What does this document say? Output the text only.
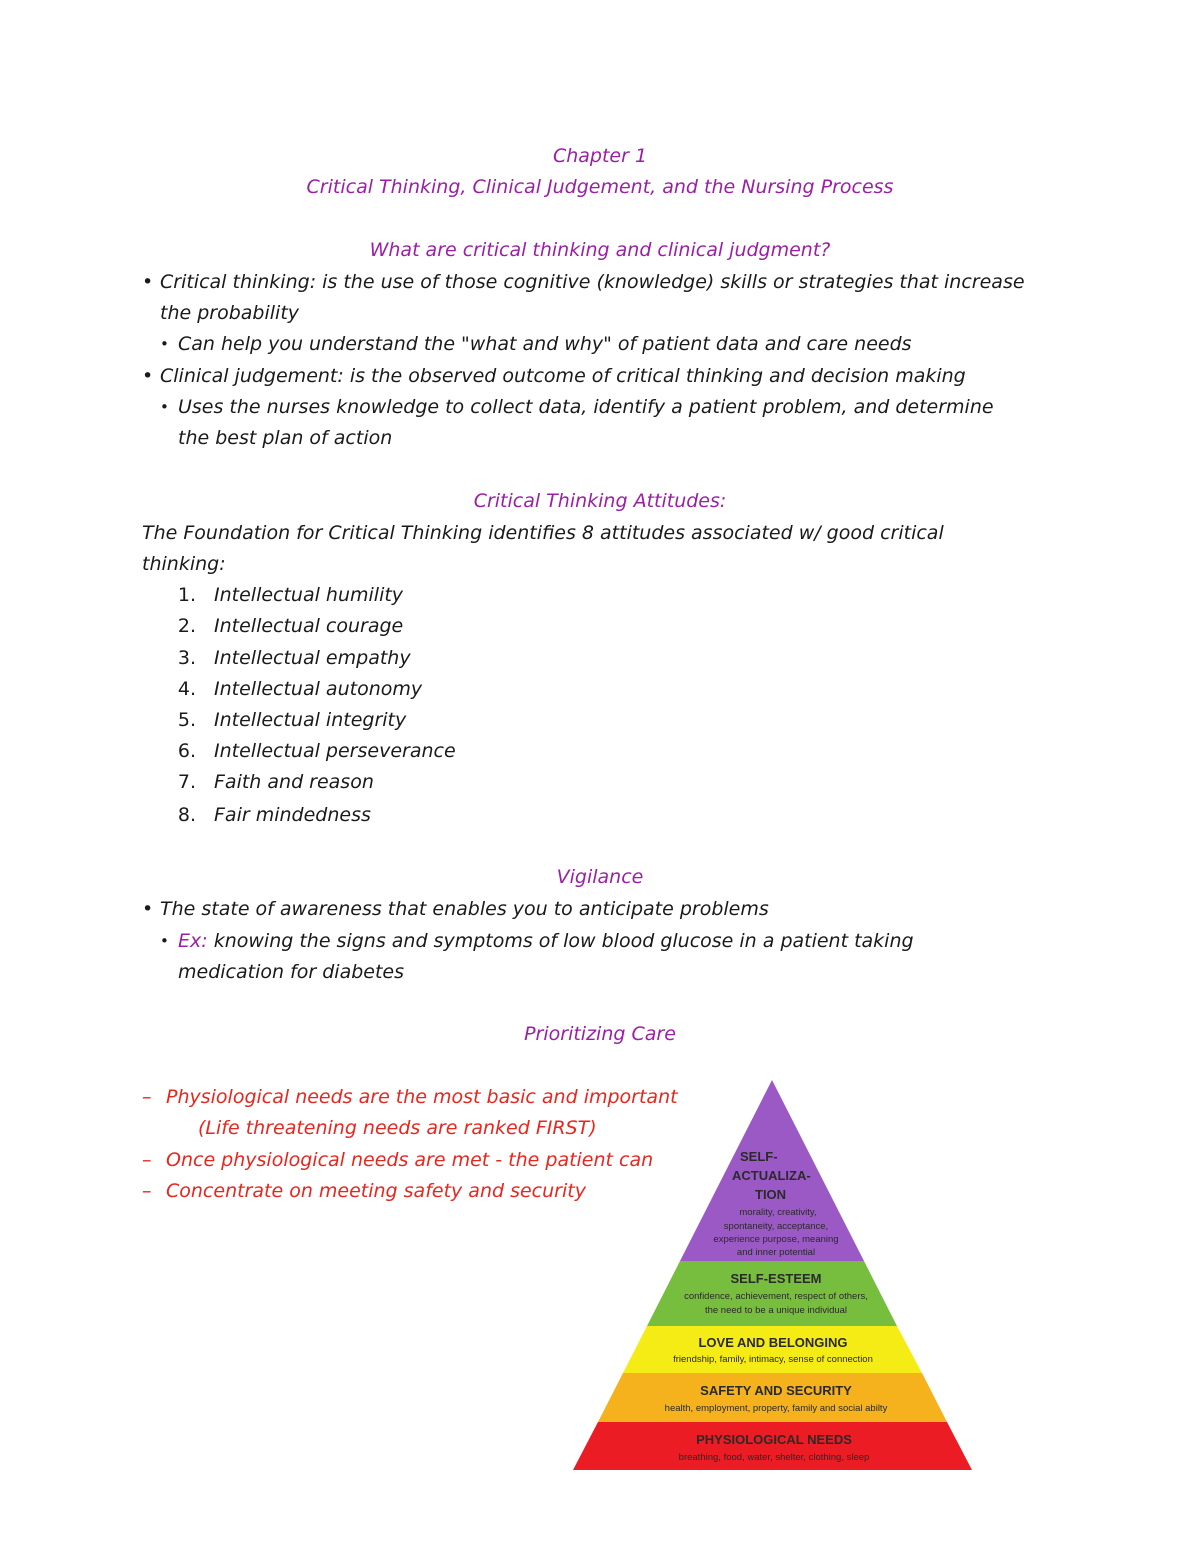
Chapter 1
Critical Thinking, Clinical Judgement, and the Nursing Process
What are critical thinking and clinical judgment?
• Critical thinking: is the use of those cognitive (knowledge) skills or strategies that increase
the probability
• Can help you understand the "what and why" of patient data and care needs
• Clinical judgement: is the observed outcome of critical thinking and decision making
• Uses the nurses knowledge to collect data, identify a patient problem, and determine
the best plan of action
Critical Thinking Attitudes:
The Foundation for Critical Thinking identifies 8 attitudes associated w/ good critical
thinking:
1. Intellectual humility
2. Intellectual courage
3. Intellectual empathy
4. Intellectual autonomy
5. Intellectual integrity
6. Intellectual perseverance
7. Faith and reason
8. Fair mindedness
Vigilance
• The state of awareness that enables you to anticipate problems
• Ex: knowing the signs and symptoms of low blood glucose in a patient taking
medication for diabetes
Prioritizing Care
– Physiological needs are the most basic and important
(Life threatening needs are ranked FIRST)
– Once physiological needs are met - the patient can
– Concentrate on meeting safety and security
SELF-
ACTUALIZA-
TION
morality, creativity,
spontaneity, acceptance,
experience purpose, meaning
and inner potential
SELF-ESTEEM
confidence, achievement, respect of others,
the need to be a unique individual
LOVE AND BELONGING
friendship, family, intimacy, sense of connection
SAFETY AND SECURITY
health, employment, property, family and social abilty
PHYSIOLOGICAL NEEDS
breathing, food, water, shelter, clothing, sleep
